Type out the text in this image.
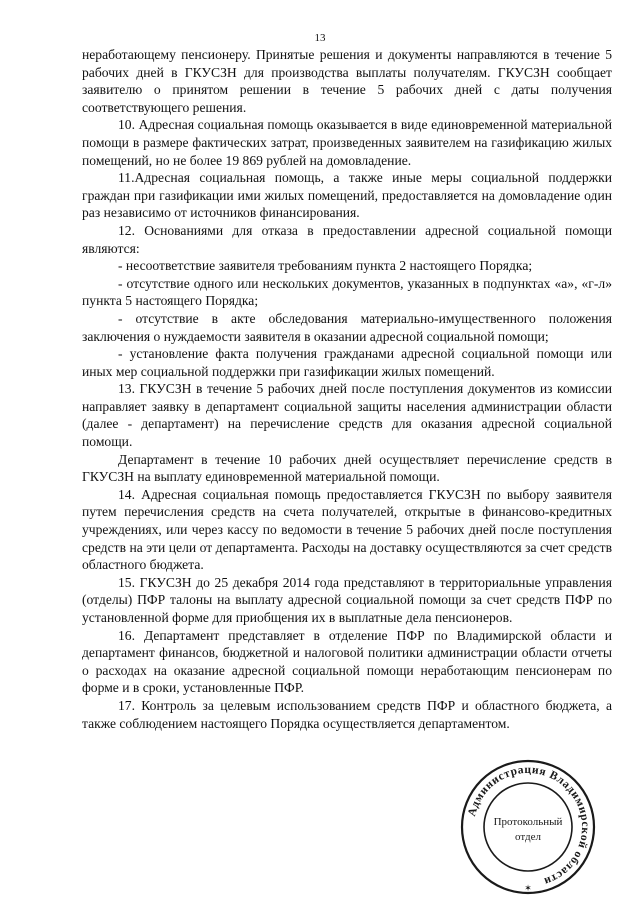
13

неработающему пенсионеру. Принятые решения и документы направляются в течение 5 рабочих дней в ГКУСЗН для производства выплаты получателям. ГКУСЗН сообщает заявителю о принятом решении в течение 5 рабочих дней с даты получения соответствующего решения.

10. Адресная социальная помощь оказывается в виде единовременной материальной помощи в размере фактических затрат, произведенных заявителем на газификацию жилых помещений, но не более 19 869 рублей на домовладение.

11.Адресная социальная помощь, а также иные меры социальной поддержки граждан при газификации ими жилых помещений, предоставляется на домовладение один раз независимо от источников финансирования.

12. Основаниями для отказа в предоставлении адресной социальной помощи являются:

- несоответствие заявителя требованиям пункта 2 настоящего Порядка;

- отсутствие одного или нескольких документов, указанных в подпунктах «а», «г-л» пункта 5 настоящего Порядка;

- отсутствие в акте обследования материально-имущественного положения заключения о нуждаемости заявителя в оказании адресной социальной помощи;

- установление факта получения гражданами адресной социальной помощи или иных мер социальной поддержки при газификации жилых помещений.

13. ГКУСЗН в течение 5 рабочих дней после поступления документов из комиссии направляет заявку в департамент социальной защиты населения администрации области (далее - департамент) на перечисление средств для оказания адресной социальной помощи.

Департамент в течение 10 рабочих дней осуществляет перечисление средств в ГКУСЗН на выплату единовременной материальной помощи.

14. Адресная социальная помощь предоставляется ГКУСЗН по выбору заявителя путем перечисления средств на счета получателей, открытые в финансово-кредитных учреждениях, или через кассу по ведомости в течение 5 рабочих дней после поступления средств на эти цели от департамента. Расходы на доставку осуществляются за счет средств областного бюджета.

15. ГКУСЗН до 25 декабря 2014 года представляют в территориальные управления (отделы) ПФР талоны на выплату адресной социальной помощи за счет средств ПФР по установленной форме для приобщения их в выплатные дела пенсионеров.

16. Департамент представляет в отделение ПФР по Владимирской области и департамент финансов, бюджетной и налоговой политики администрации области отчеты о расходах на оказание адресной социальной помощи неработающим пенсионерам по форме и в сроки, установленные ПФР.

17. Контроль за целевым использованием средств ПФР и областного бюджета, а также соблюдением настоящего Порядка осуществляется департаментом.

Администрация Владимирской области
Протокольный
отдел
✶
